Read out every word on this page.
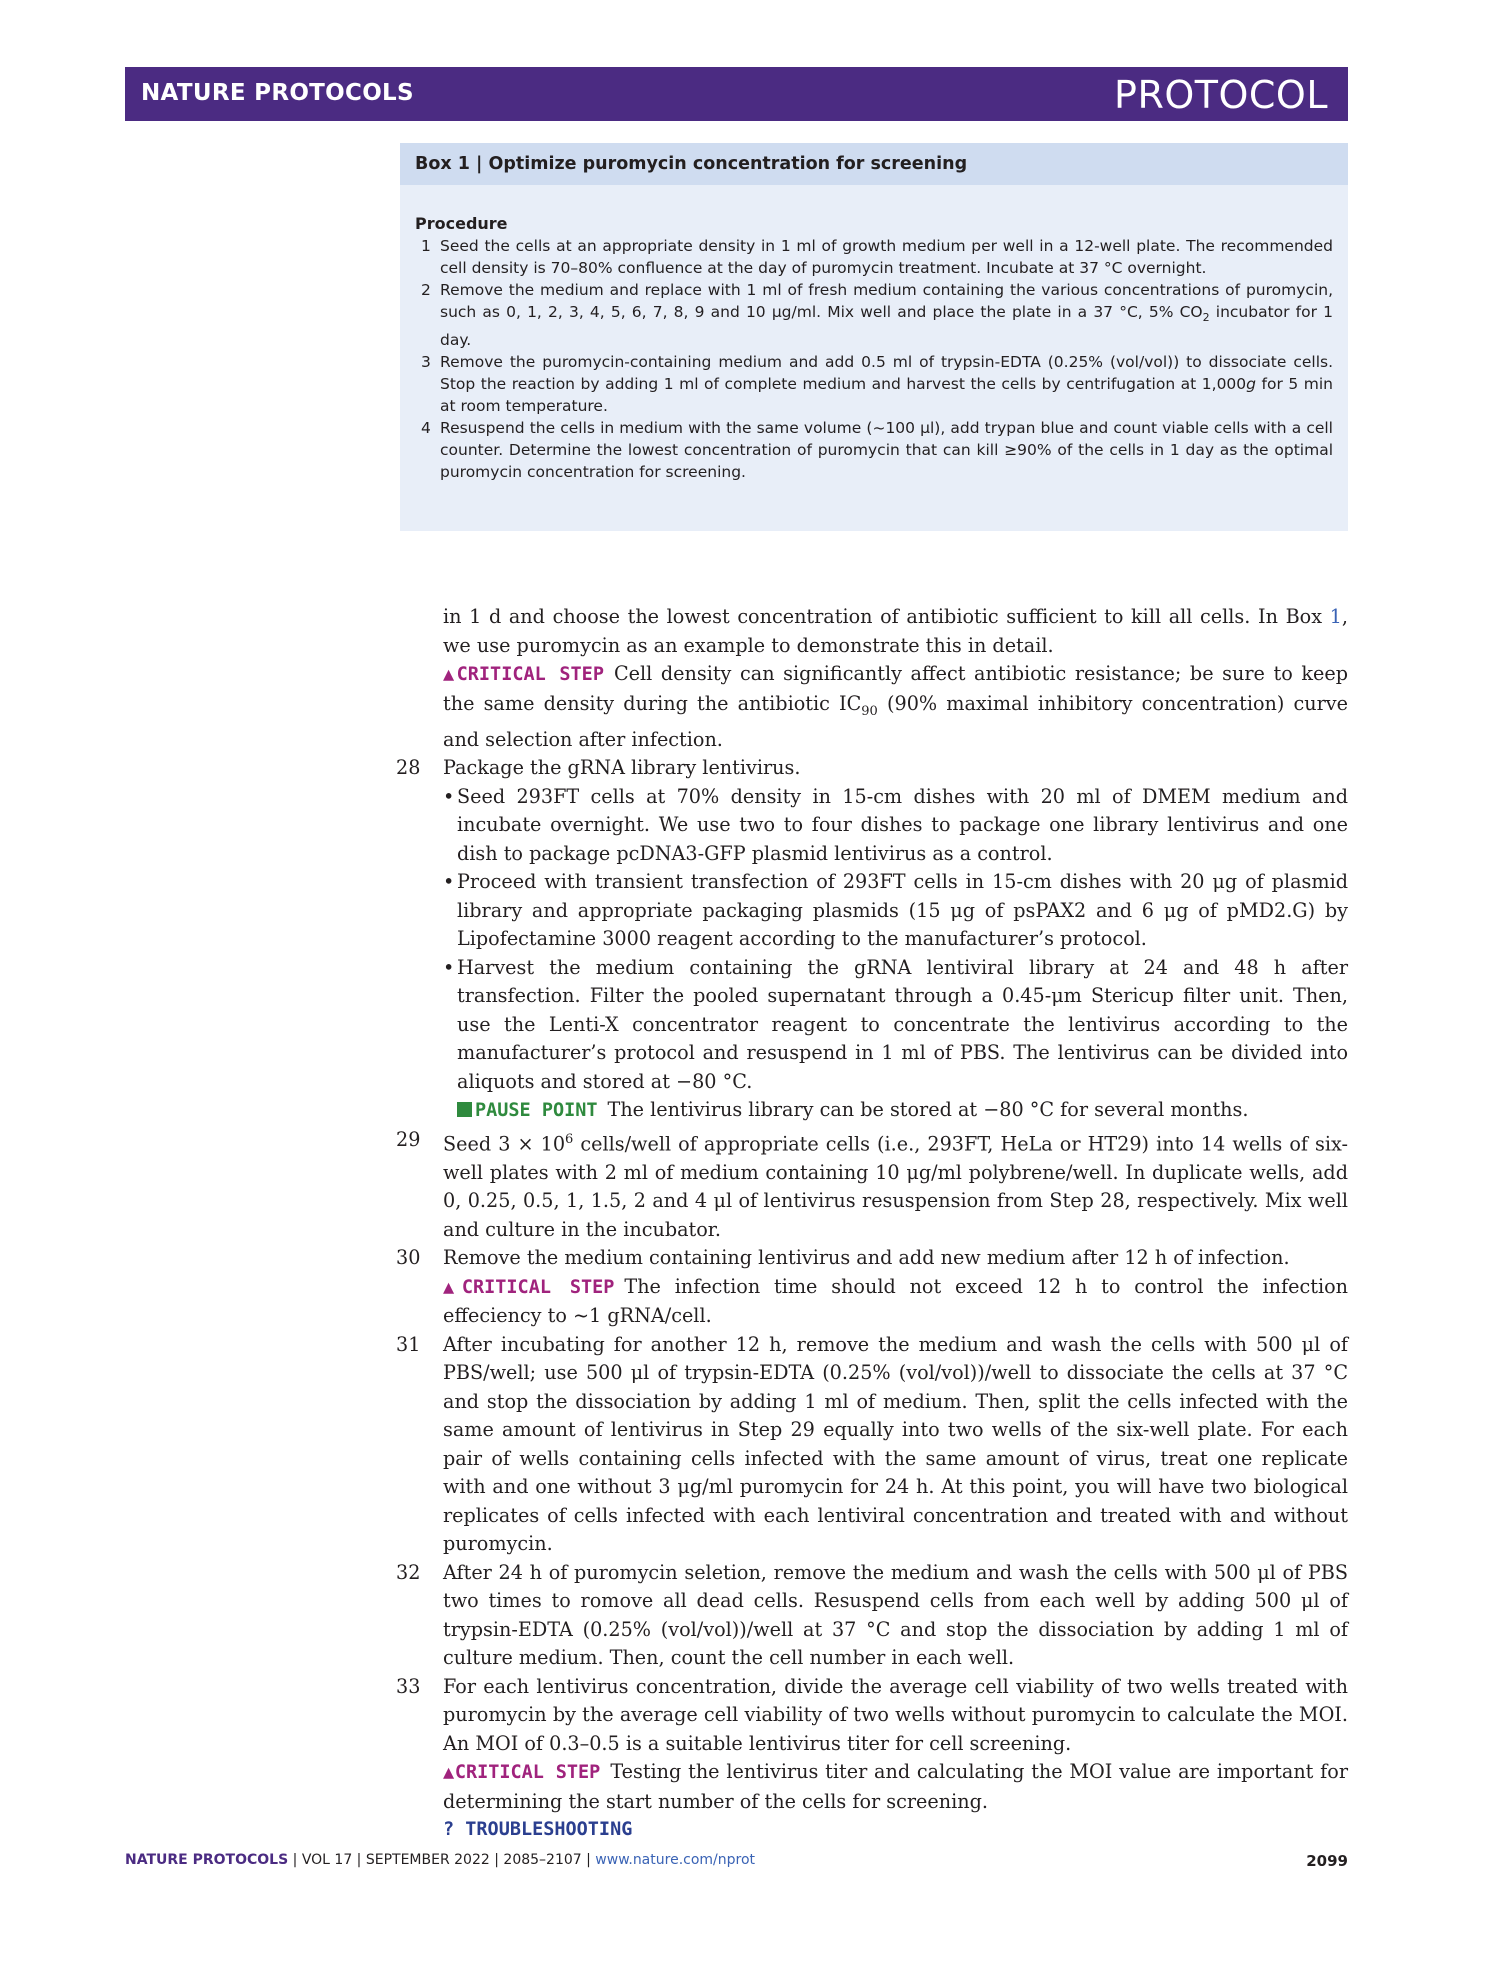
NATURE PROTOCOLS	PROTOCOL
Box 1 | Optimize puromycin concentration for screening
Procedure
1 Seed the cells at an appropriate density in 1 ml of growth medium per well in a 12-well plate. The recommended cell density is 70–80% confluence at the day of puromycin treatment. Incubate at 37 °C overnight.
2 Remove the medium and replace with 1 ml of fresh medium containing the various concentrations of puromycin, such as 0, 1, 2, 3, 4, 5, 6, 7, 8, 9 and 10 μg/ml. Mix well and place the plate in a 37 °C, 5% $CO_2$ incubator for 1 day.
3 Remove the puromycin-containing medium and add 0.5 ml of trypsin-EDTA (0.25% (vol/vol)) to dissociate cells. Stop the reaction by adding 1 ml of complete medium and harvest the cells by centrifugation at 1,000g for 5 min at room temperature.
4 Resuspend the cells in medium with the same volume (~100 μl), add trypan blue and count viable cells with a cell counter. Determine the lowest concentration of puromycin that can kill ≥90% of the cells in 1 day as the optimal puromycin concentration for screening.
in 1 d and choose the lowest concentration of antibiotic sufficient to kill all cells. In Box 1, we use puromycin as an example to demonstrate this in detail.
▲CRITICAL STEP Cell density can significantly affect antibiotic resistance; be sure to keep the same density during the antibiotic $IC_{90}$ (90% maximal inhibitory concentration) curve and selection after infection.
28	Package the gRNA library lentivirus.
• Seed 293FT cells at 70% density in 15-cm dishes with 20 ml of DMEM medium and incubate overnight. We use two to four dishes to package one library lentivirus and one dish to package pcDNA3-GFP plasmid lentivirus as a control.
• Proceed with transient transfection of 293FT cells in 15-cm dishes with 20 μg of plasmid library and appropriate packaging plasmids (15 μg of psPAX2 and 6 μg of pMD2.G) by Lipofectamine 3000 reagent according to the manufacturer’s protocol.
• Harvest the medium containing the gRNA lentiviral library at 24 and 48 h after transfection. Filter the pooled supernatant through a 0.45-μm Stericup filter unit. Then, use the Lenti-X concentrator reagent to concentrate the lentivirus according to the manufacturer’s protocol and resuspend in 1 ml of PBS. The lentivirus can be divided into aliquots and stored at −80 °C.
PAUSE POINT The lentivirus library can be stored at −80 °C for several months.
29	Seed $3 \times 10^6$ cells/well of appropriate cells (i.e., 293FT, HeLa or HT29) into 14 wells of six-well plates with 2 ml of medium containing 10 μg/ml polybrene/well. In duplicate wells, add 0, 0.25, 0.5, 1, 1.5, 2 and 4 μl of lentivirus resuspension from Step 28, respectively. Mix well and culture in the incubator.
30	Remove the medium containing lentivirus and add new medium after 12 h of infection.
▲CRITICAL STEP The infection time should not exceed 12 h to control the infection effeciency to ~1 gRNA/cell.
31	After incubating for another 12 h, remove the medium and wash the cells with 500 μl of PBS/well; use 500 μl of trypsin-EDTA (0.25% (vol/vol))/well to dissociate the cells at 37 °C and stop the dissociation by adding 1 ml of medium. Then, split the cells infected with the same amount of lentivirus in Step 29 equally into two wells of the six-well plate. For each pair of wells containing cells infected with the same amount of virus, treat one replicate with and one without 3 μg/ml puromycin for 24 h. At this point, you will have two biological replicates of cells infected with each lentiviral concentration and treated with and without puromycin.
32	After 24 h of puromycin seletion, remove the medium and wash the cells with 500 μl of PBS two times to romove all dead cells. Resuspend cells from each well by adding 500 μl of trypsin-EDTA (0.25% (vol/vol))/well at 37 °C and stop the dissociation by adding 1 ml of culture medium. Then, count the cell number in each well.
33	For each lentivirus concentration, divide the average cell viability of two wells treated with puromycin by the average cell viability of two wells without puromycin to calculate the MOI. An MOI of 0.3–0.5 is a suitable lentivirus titer for cell screening.
▲CRITICAL STEP Testing the lentivirus titer and calculating the MOI value are important for determining the start number of the cells for screening.
? TROUBLESHOOTING
NATURE PROTOCOLS | VOL 17 | SEPTEMBER 2022 | 2085–2107 | www.nature.com/nprot	2099
